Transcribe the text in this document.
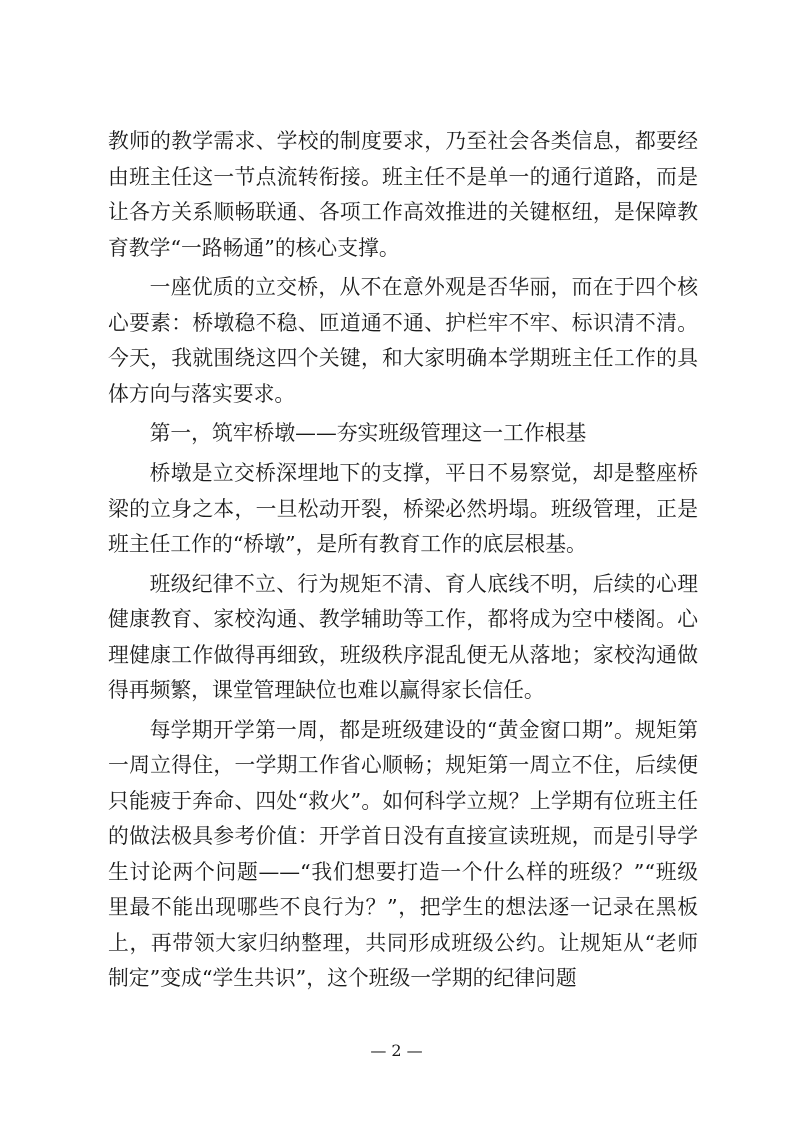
教师的教学需求、学校的制度要求，乃至社会各类信息，都要经由班主任这一节点流转衔接。班主任不是单一的通行道路，而是让各方关系顺畅联通、各项工作高效推进的关键枢纽，是保障教育教学“一路畅通”的核心支撑。

一座优质的立交桥，从不在意外观是否华丽，而在于四个核心要素：桥墩稳不稳、匝道通不通、护栏牢不牢、标识清不清。今天，我就围绕这四个关键，和大家明确本学期班主任工作的具体方向与落实要求。

第一，筑牢桥墩——夯实班级管理这一工作根基

桥墩是立交桥深埋地下的支撑，平日不易察觉，却是整座桥梁的立身之本，一旦松动开裂，桥梁必然坍塌。班级管理，正是班主任工作的“桥墩”，是所有教育工作的底层根基。

班级纪律不立、行为规矩不清、育人底线不明，后续的心理健康教育、家校沟通、教学辅助等工作，都将成为空中楼阁。心理健康工作做得再细致，班级秩序混乱便无从落地；家校沟通做得再频繁，课堂管理缺位也难以赢得家长信任。

每学期开学第一周，都是班级建设的“黄金窗口期”。规矩第一周立得住，一学期工作省心顺畅；规矩第一周立不住，后续便只能疲于奔命、四处“救火”。如何科学立规？上学期有位班主任的做法极具参考价值：开学首日没有直接宣读班规，而是引导学生讨论两个问题——“我们想要打造一个什么样的班级？”“班级里最不能出现哪些不良行为？”，把学生的想法逐一记录在黑板上，再带领大家归纳整理，共同形成班级公约。让规矩从“老师制定”变成“学生共识”，这个班级一学期的纪律问题

— 2 —
